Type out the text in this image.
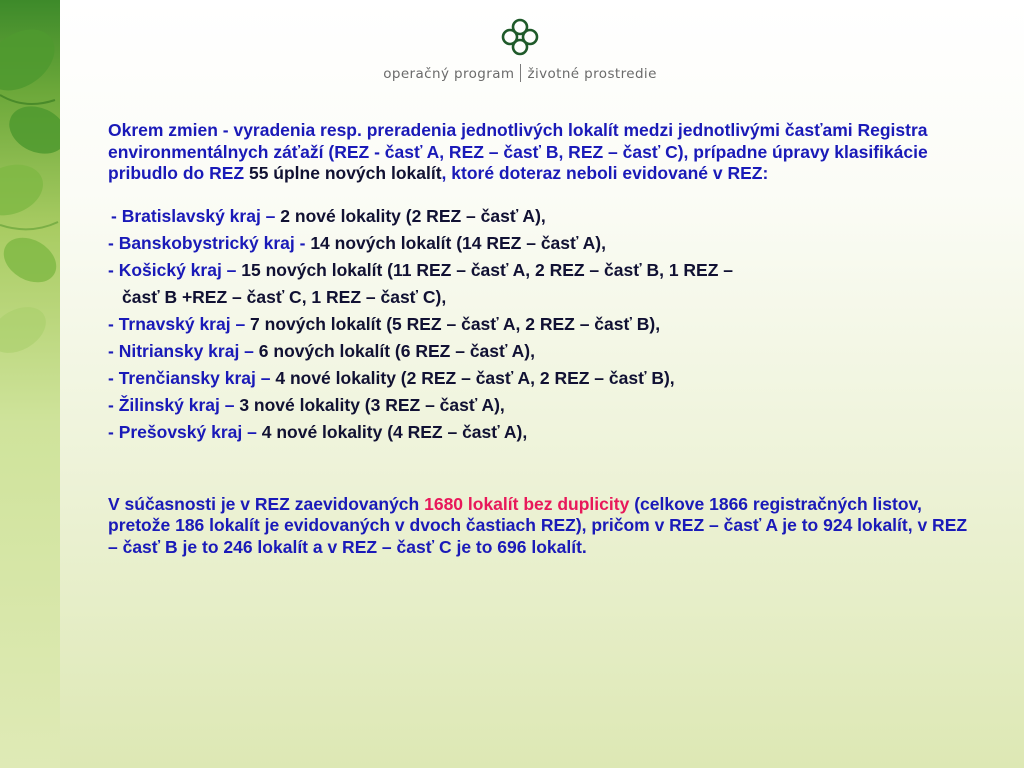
operačný program životné prostredie

Okrem zmien - vyradenia resp. preradenia jednotlivých lokalít medzi jednotlivými časťami Registra environmentálnych záťaží (REZ - časť A, REZ – časť B, REZ – časť C), prípadne úpravy klasifikácie pribudlo do REZ 55 úplne nových lokalít, ktoré doteraz neboli evidované v REZ:

- Bratislavský kraj – 2 nové lokality (2 REZ – časť A),
- Banskobystrický kraj - 14 nových lokalít (14 REZ – časť A),
- Košický kraj – 15 nových lokalít (11 REZ – časť A, 2 REZ – časť B, 1 REZ –
časť B +REZ – časť C, 1 REZ – časť C),
- Trnavský kraj – 7 nových lokalít (5 REZ – časť A, 2 REZ – časť B),
- Nitriansky kraj – 6 nových lokalít (6 REZ – časť A),
- Trenčiansky kraj – 4 nové lokality (2 REZ – časť A, 2 REZ – časť B),
- Žilinský kraj – 3 nové lokality (3 REZ – časť A),
- Prešovský kraj – 4 nové lokality (4 REZ – časť A),
V súčasnosti je v REZ zaevidovaných 1680 lokalít bez duplicity (celkove 1866 registračných listov, pretože 186 lokalít je evidovaných v dvoch častiach REZ), pričom v REZ – časť A je to 924 lokalít, v REZ – časť B je to 246 lokalít a v REZ – časť C je to 696 lokalít.
